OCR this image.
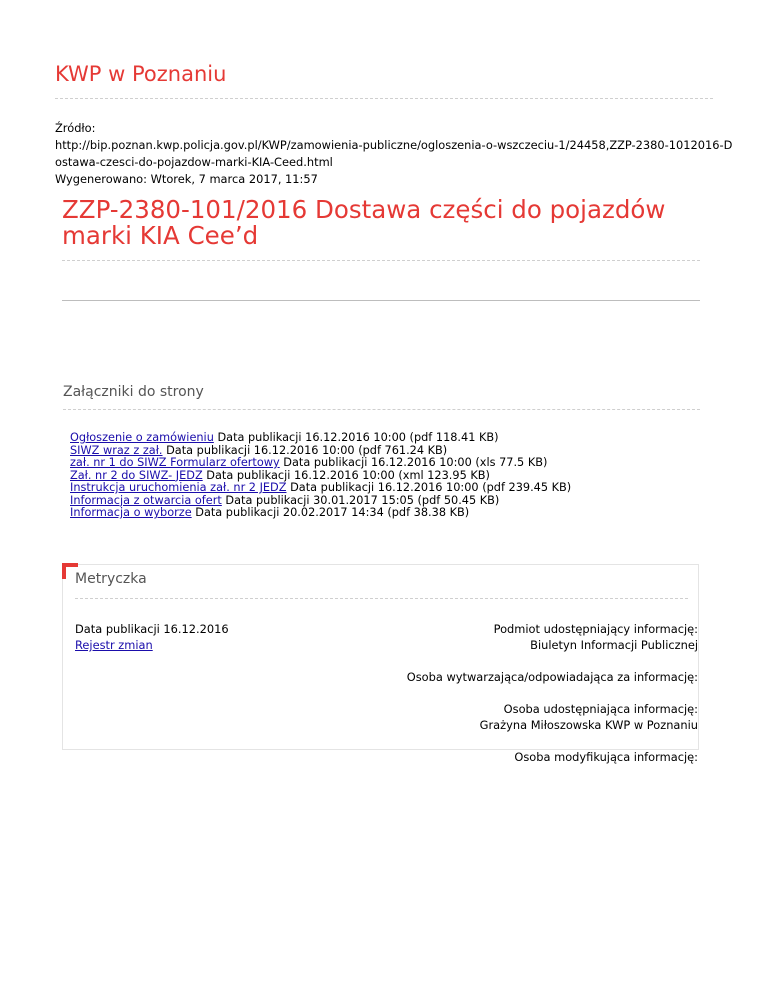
KWP w Poznaniu
Źródło:
http://bip.poznan.kwp.policja.gov.pl/KWP/zamowienia-publiczne/ogloszenia-o-wszczeciu-1/24458,ZZP-2380-1012016-D
ostawa-czesci-do-pojazdow-marki-KIA-Ceed.html
Wygenerowano: Wtorek, 7 marca 2017, 11:57
ZZP-2380-101/2016 Dostawa części do pojazdów marki KIA Cee’d
Załączniki do strony
Ogłoszenie o zamówieniu Data publikacji 16.12.2016 10:00 (pdf 118.41 KB)
SIWZ wraz z zał. Data publikacji 16.12.2016 10:00 (pdf 761.24 KB)
zał. nr 1 do SIWZ Formularz ofertowy Data publikacji 16.12.2016 10:00 (xls 77.5 KB)
Zał. nr 2 do SIWZ- JEDZ Data publikacji 16.12.2016 10:00 (xml 123.95 KB)
Instrukcja uruchomienia zał. nr 2 JEDZ Data publikacji 16.12.2016 10:00 (pdf 239.45 KB)
Informacja z otwarcia ofert Data publikacji 30.01.2017 15:05 (pdf 50.45 KB)
Informacja o wyborze Data publikacji 20.02.2017 14:34 (pdf 38.38 KB)
Metryczka
Data publikacji 16.12.2016
Rejestr zmian
Podmiot udostępniający informację:
Biuletyn Informacji Publicznej
Osoba wytwarzająca/odpowiadająca za informację:
Osoba udostępniająca informację:
Grażyna Miłoszowska KWP w Poznaniu
Osoba modyfikująca informację:
